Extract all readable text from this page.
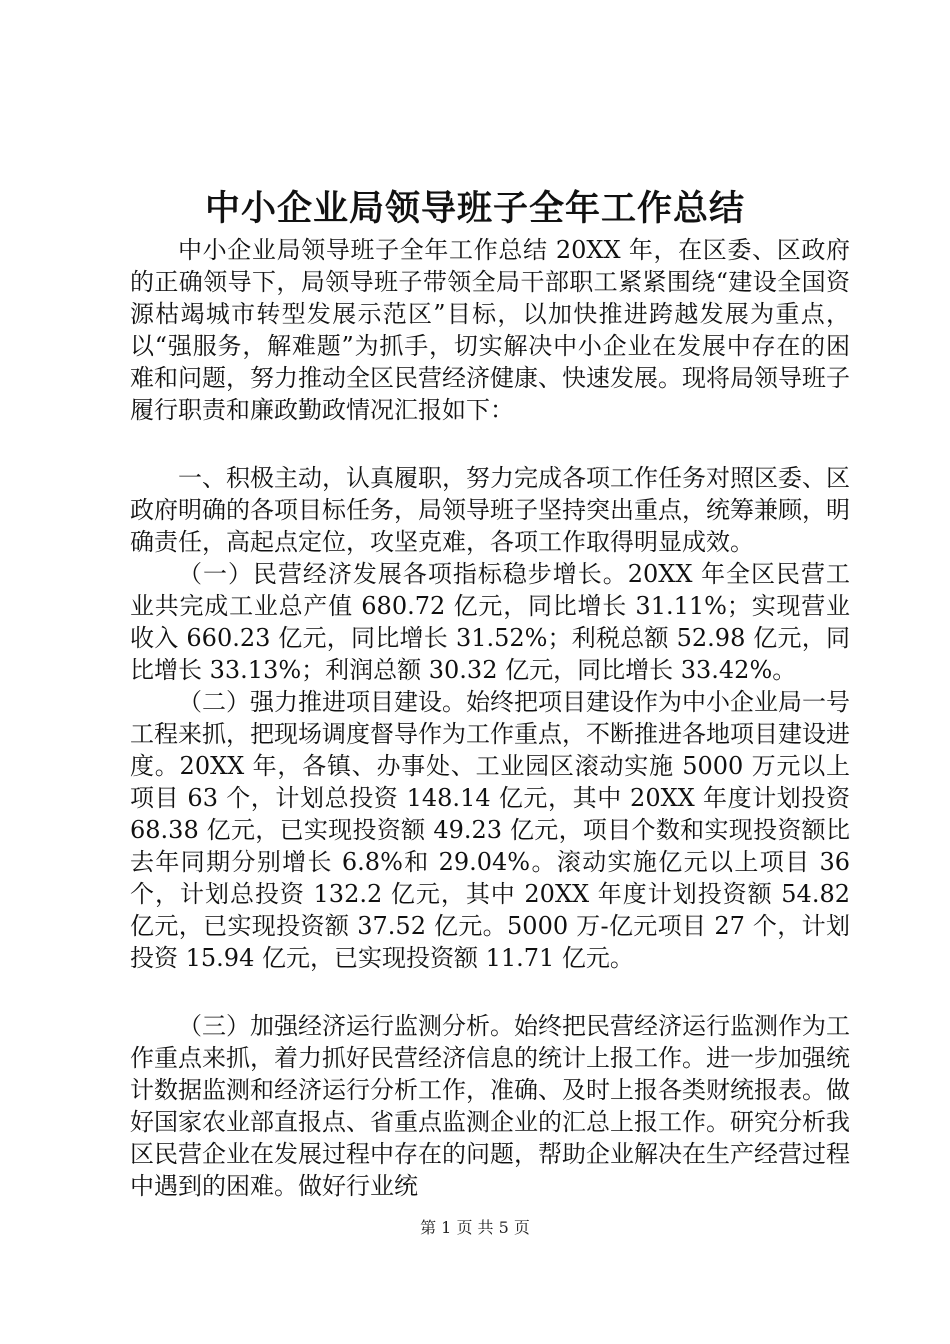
中小企业局领导班子全年工作总结

中小企业局领导班子全年工作总结 20XX 年，在区委、区政府的正确领导下，局领导班子带领全局干部职工紧紧围绕“建设全国资源枯竭城市转型发展示范区”目标，以加快推进跨越发展为重点，以“强服务，解难题”为抓手，切实解决中小企业在发展中存在的困难和问题，努力推动全区民营经济健康、快速发展。现将局领导班子履行职责和廉政勤政情况汇报如下：

一、积极主动，认真履职，努力完成各项工作任务对照区委、区政府明确的各项目标任务，局领导班子坚持突出重点，统筹兼顾，明确责任，高起点定位，攻坚克难，各项工作取得明显成效。

（一）民营经济发展各项指标稳步增长。20XX 年全区民营工业共完成工业总产值 680.72 亿元，同比增长 31.11%；实现营业收入 660.23 亿元，同比增长 31.52%；利税总额 52.98 亿元，同比增长 33.13%；利润总额 30.32 亿元，同比增长 33.42%。

（二）强力推进项目建设。始终把项目建设作为中小企业局一号工程来抓，把现场调度督导作为工作重点，不断推进各地项目建设进度。20XX 年，各镇、办事处、工业园区滚动实施 5000 万元以上项目 63 个，计划总投资 148.14 亿元，其中 20XX 年度计划投资 68.38 亿元，已实现投资额 49.23 亿元，项目个数和实现投资额比去年同期分别增长 6.8%和 29.04%。滚动实施亿元以上项目 36 个，计划总投资 132.2 亿元，其中 20XX 年度计划投资额 54.82 亿元，已实现投资额 37.52 亿元。5000 万-亿元项目 27 个，计划投资 15.94 亿元，已实现投资额 11.71 亿元。

（三）加强经济运行监测分析。始终把民营经济运行监测作为工作重点来抓，着力抓好民营经济信息的统计上报工作。进一步加强统计数据监测和经济运行分析工作，准确、及时上报各类财统报表。做好国家农业部直报点、省重点监测企业的汇总上报工作。研究分析我区民营企业在发展过程中存在的问题，帮助企业解决在生产经营过程中遇到的困难。做好行业统

第 1 页 共 5 页
